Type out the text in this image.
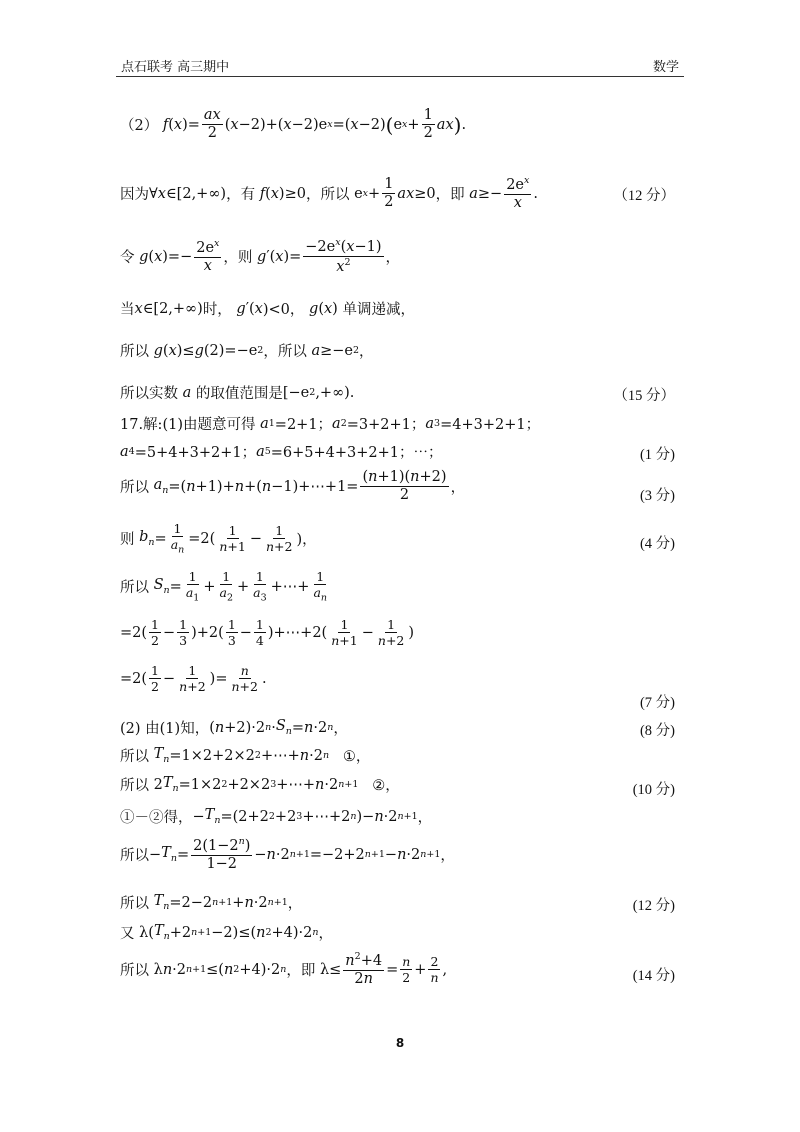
点石联考 高三期中	数学
（2）
f ( x )=
ax
2
( x −2)+( x −2)e x =( x −2) ( e x +
1
2
ax ) .
因为 ∀ x ∈[2,+∞) ，有
f ( x )≥0 ，所以 e x +
1
2
ax ≥0 ，即
a ≥−
$2e^x$
x
.	（12 分）
令
g ( x )=−
$2e^x$
x ，则
g ′( x )=
$-2e^x(x-1)$
$x^2$ ，
当 x ∈[2,+∞) 时，
g ′( x )<0， g ( x ) 单调递减，
所以
g ( x )≤ g (2)=−e 2 ，所以
a ≥−e 2 ，
所以实数
a
的取值范围是 [−e 2 ,+∞).	（15 分）
17.解:(1)由题意可得
a 1 =2+1； a 2 =3+2+1； a 3 =4+3+2+1；
a 4 =5+4+3+2+1； a 5 =6+5+4+3+2+1；⋯；	(1 分)
所以
$a_n$ =( n +1)+ n +( n −1)+⋯+1=
(n+1)(n+2)
2	，	(3 分)
则
$b_n$ =
1
$a_n$
=2(
1
n+1 −
1
n+2 )，	(4 分)
所以
$S_n$ =
1
$a_1$
+
1
$a_2$
+
1
$a_3$
+⋯+
1
$a_n$
=2(
1
2 −
1
3 )+2(
1
3 −
1
4 )+⋯+2(
1
n+1 −
1
n+2 )
=2(
1
2 −
1
n+2 )=
n
n+2 .
(7 分)
(2) 由(1)知， ( n +2)·2 $n \cdot S_n = n \cdot 2$ n ，	(8 分)
所以
$T_n =1\times 2+2\times 2$ 2 +⋯+ n ·2 n
①，
所以 2 $T_n =1\times 2$ 2 +2×2 3 +⋯+ n ·2 n+1
②，	(10 分)
①－②得， − $T_n =(2+2$ 2 +2 3 +⋯+2 n )− n ·2 n+1 ，
所以 − $T_n$ =
$2(1-2^n)$
1−2
− n ·2 n+1 =−2+2 n+1 − n ·2 n+1 ，
所以
$T_n =2-2$ n+1 + n ·2 n+1 ，	(12 分)
又 λ( $T_n +2$ n+1 −2)≤( n 2 +4)·2 n ，
所以 λ n ·2 n+1 ≤( n 2 +4)·2 n ，即 λ≤
$n^2+4$
2n
=
n
2 +
2
n ,	(14 分)
8
